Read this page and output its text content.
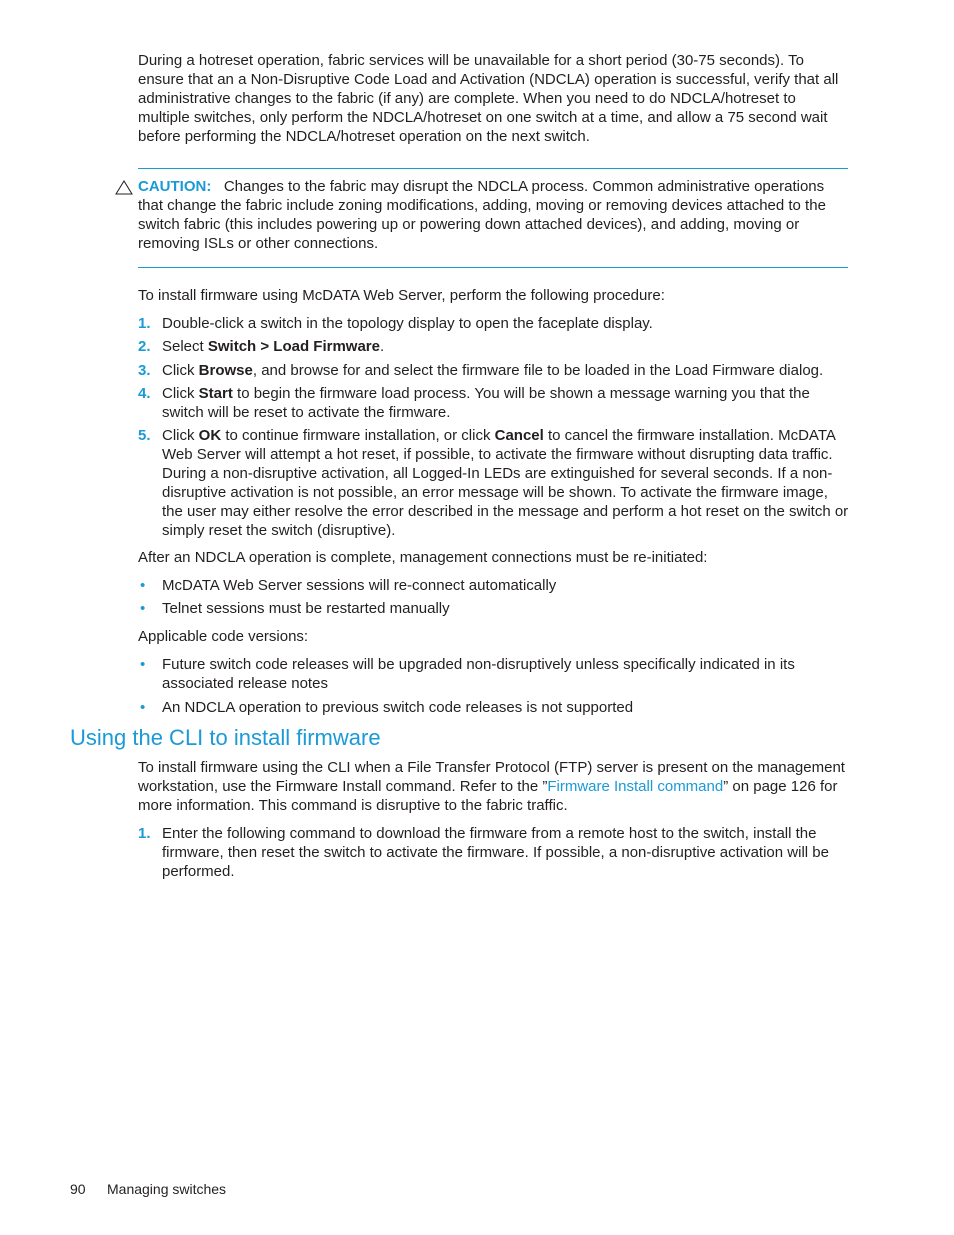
During a hotreset operation, fabric services will be unavailable for a short period (30-75 seconds). To ensure that an a Non-Disruptive Code Load and Activation (NDCLA) operation is successful, verify that all administrative changes to the fabric (if any) are complete. When you need to do NDCLA/hotreset to multiple switches, only perform the NDCLA/hotreset on one switch at a time, and allow a 75 second wait before performing the NDCLA/hotreset operation on the next switch.

CAUTION: Changes to the fabric may disrupt the NDCLA process. Common administrative operations that change the fabric include zoning modifications, adding, moving or removing devices attached to the switch fabric (this includes powering up or powering down attached devices), and adding, moving or removing ISLs or other connections.

To install firmware using McDATA Web Server, perform the following procedure:

1. Double-click a switch in the topology display to open the faceplate display.
2. Select Switch > Load Firmware.
3. Click Browse, and browse for and select the firmware file to be loaded in the Load Firmware dialog.
4. Click Start to begin the firmware load process. You will be shown a message warning you that the switch will be reset to activate the firmware.
5. Click OK to continue firmware installation, or click Cancel to cancel the firmware installation. McDATA Web Server will attempt a hot reset, if possible, to activate the firmware without disrupting data traffic. During a non-disruptive activation, all Logged-In LEDs are extinguished for several seconds. If a non-disruptive activation is not possible, an error message will be shown. To activate the firmware image, the user may either resolve the error described in the message and perform a hot reset on the switch or simply reset the switch (disruptive).

After an NDCLA operation is complete, management connections must be re-initiated:

• McDATA Web Server sessions will re-connect automatically
• Telnet sessions must be restarted manually

Applicable code versions:

• Future switch code releases will be upgraded non-disruptively unless specifically indicated in its associated release notes
• An NDCLA operation to previous switch code releases is not supported
Using the CLI to install firmware

To install firmware using the CLI when a File Transfer Protocol (FTP) server is present on the management workstation, use the Firmware Install command. Refer to the ”Firmware Install command” on page 126 for more information. This command is disruptive to the fabric traffic.

1. Enter the following command to download the firmware from a remote host to the switch, install the firmware, then reset the switch to activate the firmware. If possible, a non-disruptive activation will be performed.
90 Managing switches
